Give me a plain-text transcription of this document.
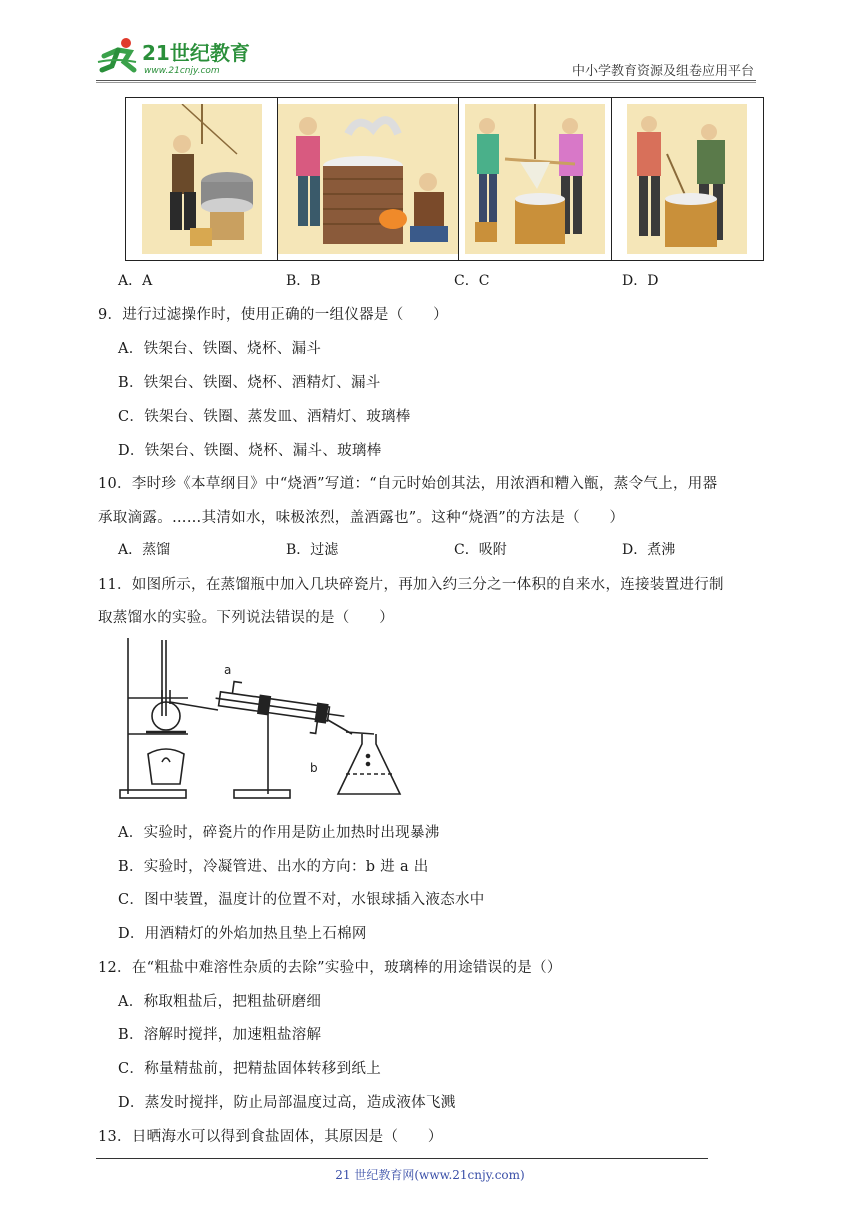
21世纪教育
www.21cnjy.com	中小学教育资源及组卷应用平台
A．A	B．B	C．C	D．D
9．进行过滤操作时，使用正确的一组仪器是（　　）
A．铁架台、铁圈、烧杯、漏斗
B．铁架台、铁圈、烧杯、酒精灯、漏斗
C．铁架台、铁圈、蒸发皿、酒精灯、玻璃棒
D．铁架台、铁圈、烧杯、漏斗、玻璃棒
10．李时珍《本草纲目》中“烧酒”写道：“自元时始创其法，用浓酒和糟入甑，蒸令气上，用器
承取滴露。……其清如水，味极浓烈，盖酒露也”。这种“烧酒”的方法是（　　）
A．蒸馏	B．过滤	C．吸附	D．煮沸
11．如图所示，在蒸馏瓶中加入几块碎瓷片，再加入约三分之一体积的自来水，连接装置进行制
取蒸馏水的实验。下列说法错误的是（　　）
a
b
A．实验时，碎瓷片的作用是防止加热时出现暴沸
B．实验时，冷凝管进、出水的方向：b 进 a 出
C．图中装置，温度计的位置不对，水银球插入液态水中
D．用酒精灯的外焰加热且垫上石棉网
12．在“粗盐中难溶性杂质的去除”实验中，玻璃棒的用途错误的是（）
A．称取粗盐后，把粗盐研磨细
B．溶解时搅拌，加速粗盐溶解
C．称量精盐前，把精盐固体转移到纸上
D．蒸发时搅拌，防止局部温度过高，造成液体飞溅
13．日晒海水可以得到食盐固体，其原因是（　　）
21 世纪教育网(www.21cnjy.com)
